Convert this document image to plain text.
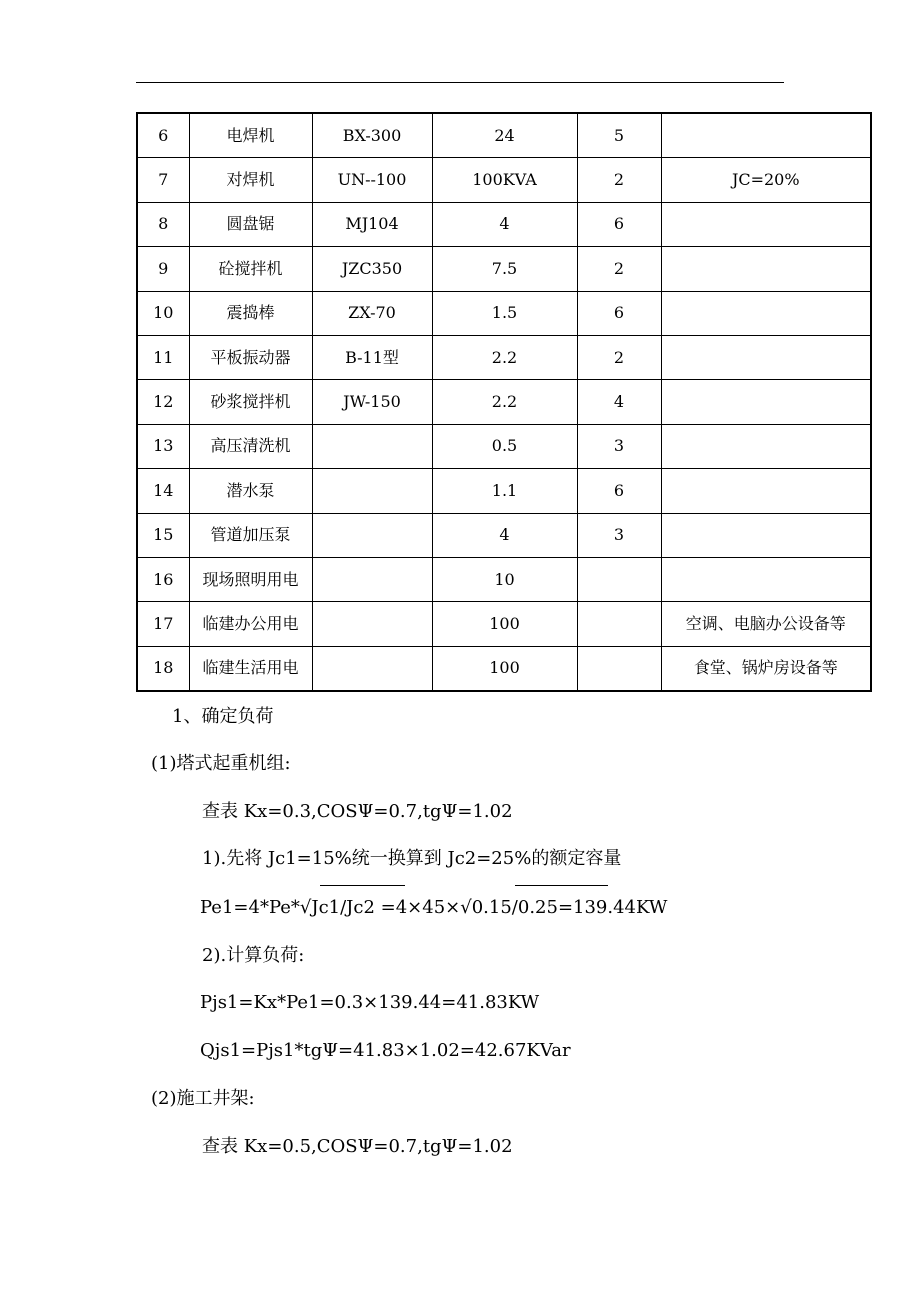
6	电焊机	BX-300	24	5	
7	对焊机	UN--100	100KVA	2	JC=20%
8	圆盘锯	MJ104	4	6	
9	砼搅拌机	JZC350	7.5	2	
10	震捣棒	ZX-70	1.5	6	
11	平板振动器	B-11型	2.2	2	
12	砂浆搅拌机	JW-150	2.2	4	
13	高压清洗机		0.5	3	
14	潜水泵		1.1	6	
15	管道加压泵		4	3	
16	现场照明用电		10		
17	临建办公用电		100		空调、电脑办公设备等
18	临建生活用电		100		食堂、锅炉房设备等
1、确定负荷
(1)塔式起重机组:
查表 Kx=0.3,COSΨ=0.7,tgΨ=1.02
1).先将 Jc1=15%统一换算到 Jc2=25%的额定容量
Pe1=4*Pe*√Jc1/Jc2 =4×45×√0.15/0.25=139.44KW
2).计算负荷:
Pjs1=Kx*Pe1=0.3×139.44=41.83KW
Qjs1=Pjs1*tgΨ=41.83×1.02=42.67KVar
(2)施工井架:
查表 Kx=0.5,COSΨ=0.7,tgΨ=1.02
